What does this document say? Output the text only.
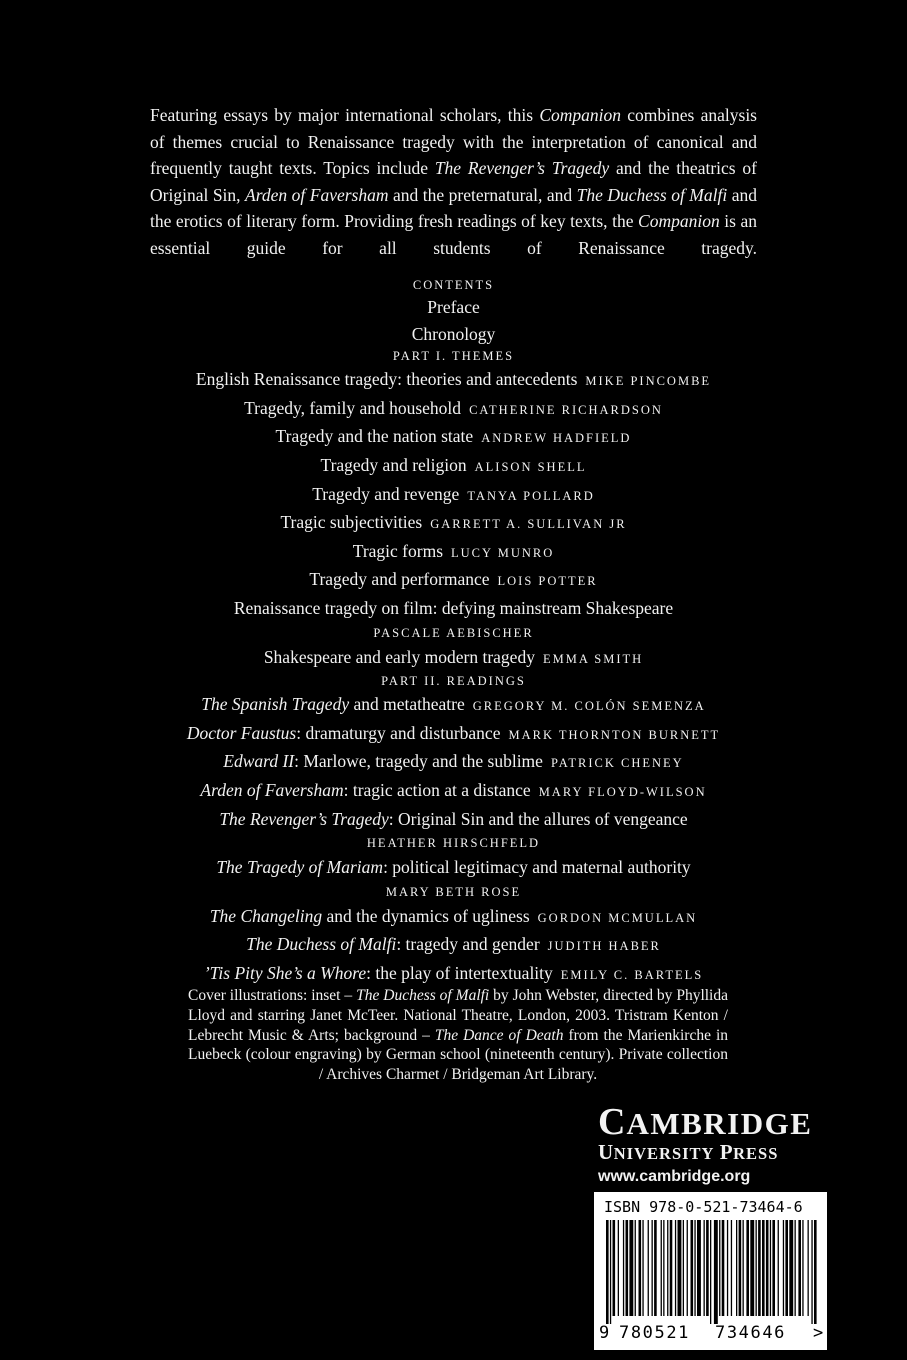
Featuring essays by major international scholars, this Companion combines analysis of themes crucial to Renaissance tragedy with the interpretation of canonical and frequently taught texts. Topics include The Revenger’s Tragedy and the theatrics of Original Sin, Arden of Faversham and the preternatural, and The Duchess of Malfi and the erotics of literary form. Providing fresh readings of key texts, the Companion is an essential guide for all students of Renaissance tragedy.
CONTENTS
Preface
Chronology
PART I. THEMES
English Renaissance tragedy: theories and antecedents MIKE PINCOMBE
Tragedy, family and household CATHERINE RICHARDSON
Tragedy and the nation state ANDREW HADFIELD
Tragedy and religion ALISON SHELL
Tragedy and revenge TANYA POLLARD
Tragic subjectivities GARRETT A. SULLIVAN JR
Tragic forms LUCY MUNRO
Tragedy and performance LOIS POTTER
Renaissance tragedy on film: defying mainstream Shakespeare
PASCALE AEBISCHER
Shakespeare and early modern tragedy EMMA SMITH
PART II. READINGS
The Spanish Tragedy and metatheatre GREGORY M. COLÓN SEMENZA
Doctor Faustus: dramaturgy and disturbance MARK THORNTON BURNETT
Edward II: Marlowe, tragedy and the sublime PATRICK CHENEY
Arden of Faversham: tragic action at a distance MARY FLOYD-WILSON
The Revenger’s Tragedy: Original Sin and the allures of vengeance
HEATHER HIRSCHFELD
The Tragedy of Mariam: political legitimacy and maternal authority
MARY BETH ROSE
The Changeling and the dynamics of ugliness GORDON MCMULLAN
The Duchess of Malfi: tragedy and gender JUDITH HABER
’Tis Pity She’s a Whore: the play of intertextuality EMILY C. BARTELS
Cover illustrations: inset – The Duchess of Malfi by John Webster, directed by Phyllida Lloyd and starring Janet McTeer. National Theatre, London, 2003. Tristram Kenton / Lebrecht Music & Arts; background – The Dance of Death from the Marienkirche in Luebeck (colour engraving) by German school (nineteenth century). Private collection / Archives Charmet / Bridgeman Art Library.
CAMBRIDGE
UNIVERSITY PRESS
www.cambridge.org
ISBN 978-0-521-73464-6
9 780521 734646 >
